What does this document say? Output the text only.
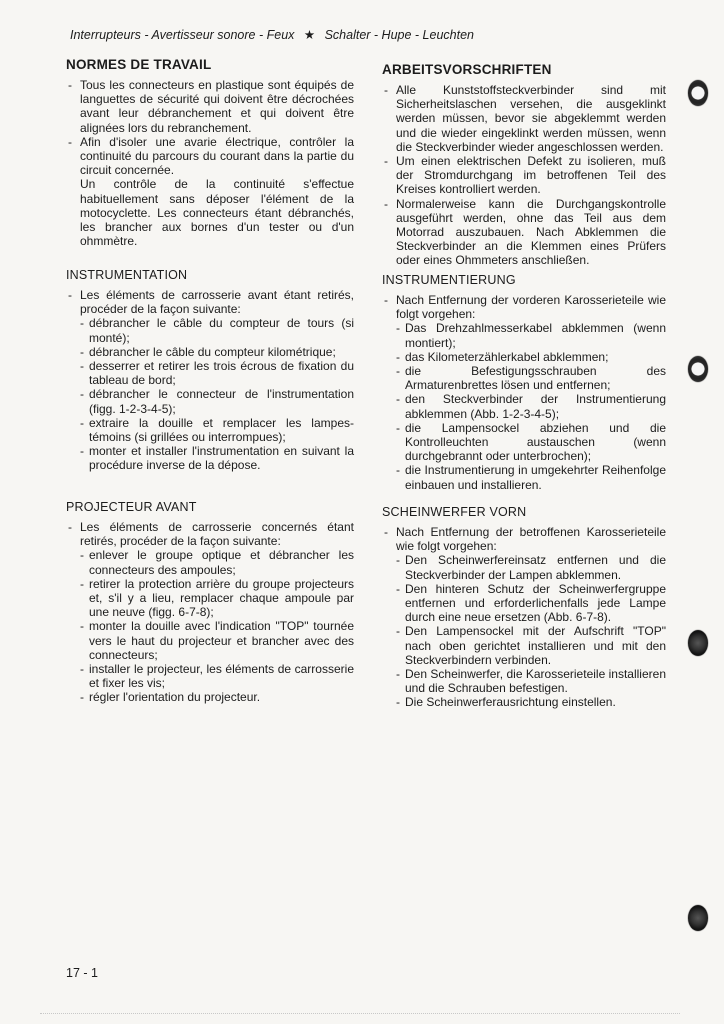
Interrupteurs - Avertisseur sonore - Feux ★ Schalter - Hupe - Leuchten
NORMES DE TRAVAIL
- Tous les connecteurs en plastique sont équipés de languettes de sécurité qui doivent être décrochées avant leur débranchement et qui doivent être alignées lors du rebranchement.
- Afin d'isoler une avarie électrique, contrôler la continuité du parcours du courant dans la partie du circuit concernée.

Un contrôle de la continuité s'effectue habituellement sans déposer l'élément de la motocyclette. Les connecteurs étant débranchés, les brancher aux bornes d'un tester ou d'un ohmmètre.

INSTRUMENTATION
- Les éléments de carrosserie avant étant retirés, procéder de la façon suivante:
- débrancher le câble du compteur de tours (si monté);
- débrancher le câble du compteur kilométrique;
- desserrer et retirer les trois écrous de fixation du tableau de bord;
- débrancher le connecteur de l'instrumentation (figg. 1-2-3-4-5);
- extraire la douille et remplacer les lampes-témoins (si grillées ou interrompues);
- monter et installer l'instrumentation en suivant la procédure inverse de la dépose.
PROJECTEUR AVANT
- Les éléments de carrosserie concernés étant retirés, procéder de la façon suivante:
- enlever le groupe optique et débrancher les connecteurs des ampoules;
- retirer la protection arrière du groupe projecteurs et, s'il y a lieu, remplacer chaque ampoule par une neuve (figg. 6-7-8);
- monter la douille avec l'indication "TOP" tournée vers le haut du projecteur et brancher avec des connecteurs;
- installer le projecteur, les éléments de carrosserie et fixer les vis;
- régler l'orientation du projecteur.
ARBEITSVORSCHRIFTEN
- Alle Kunststoffsteckverbinder sind mit Sicherheitslaschen versehen, die ausgeklinkt werden müssen, bevor sie abgeklemmt werden und die wieder eingeklinkt werden müssen, wenn die Steckverbinder wieder angeschlossen werden.
- Um einen elektrischen Defekt zu isolieren, muß der Stromdurchgang im betroffenen Teil des Kreises kontrolliert werden.
- Normalerweise kann die Durchgangskontrolle ausgeführt werden, ohne das Teil aus dem Motorrad auszubauen. Nach Abklemmen die Steckverbinder an die Klemmen eines Prüfers oder eines Ohmmeters anschließen.
INSTRUMENTIERUNG
- Nach Entfernung der vorderen Karosserieteile wie folgt vorgehen:
- Das Drehzahlmesserkabel abklemmen (wenn montiert);
- das Kilometerzählerkabel abklemmen;
- die Befestigungsschrauben des Armaturenbrettes lösen und entfernen;
- den Steckverbinder der Instrumentierung abklemmen (Abb. 1-2-3-4-5);
- die Lampensockel abziehen und die Kontrolleuchten austauschen (wenn durchgebrannt oder unterbrochen);
- die Instrumentierung in umgekehrter Reihenfolge einbauen und installieren.
SCHEINWERFER VORN
- Nach Entfernung der betroffenen Karosserieteile wie folgt vorgehen:
- Den Scheinwerfereinsatz entfernen und die Steckverbinder der Lampen abklemmen.
- Den hinteren Schutz der Scheinwerfergruppe entfernen und erforderlichenfalls jede Lampe durch eine neue ersetzen (Abb. 6-7-8).
- Den Lampensockel mit der Aufschrift "TOP" nach oben gerichtet installieren und mit den Steckverbindern verbinden.
- Den Scheinwerfer, die Karosserieteile installieren und die Schrauben befestigen.
- Die Scheinwerferausrichtung einstellen.
17 - 1
